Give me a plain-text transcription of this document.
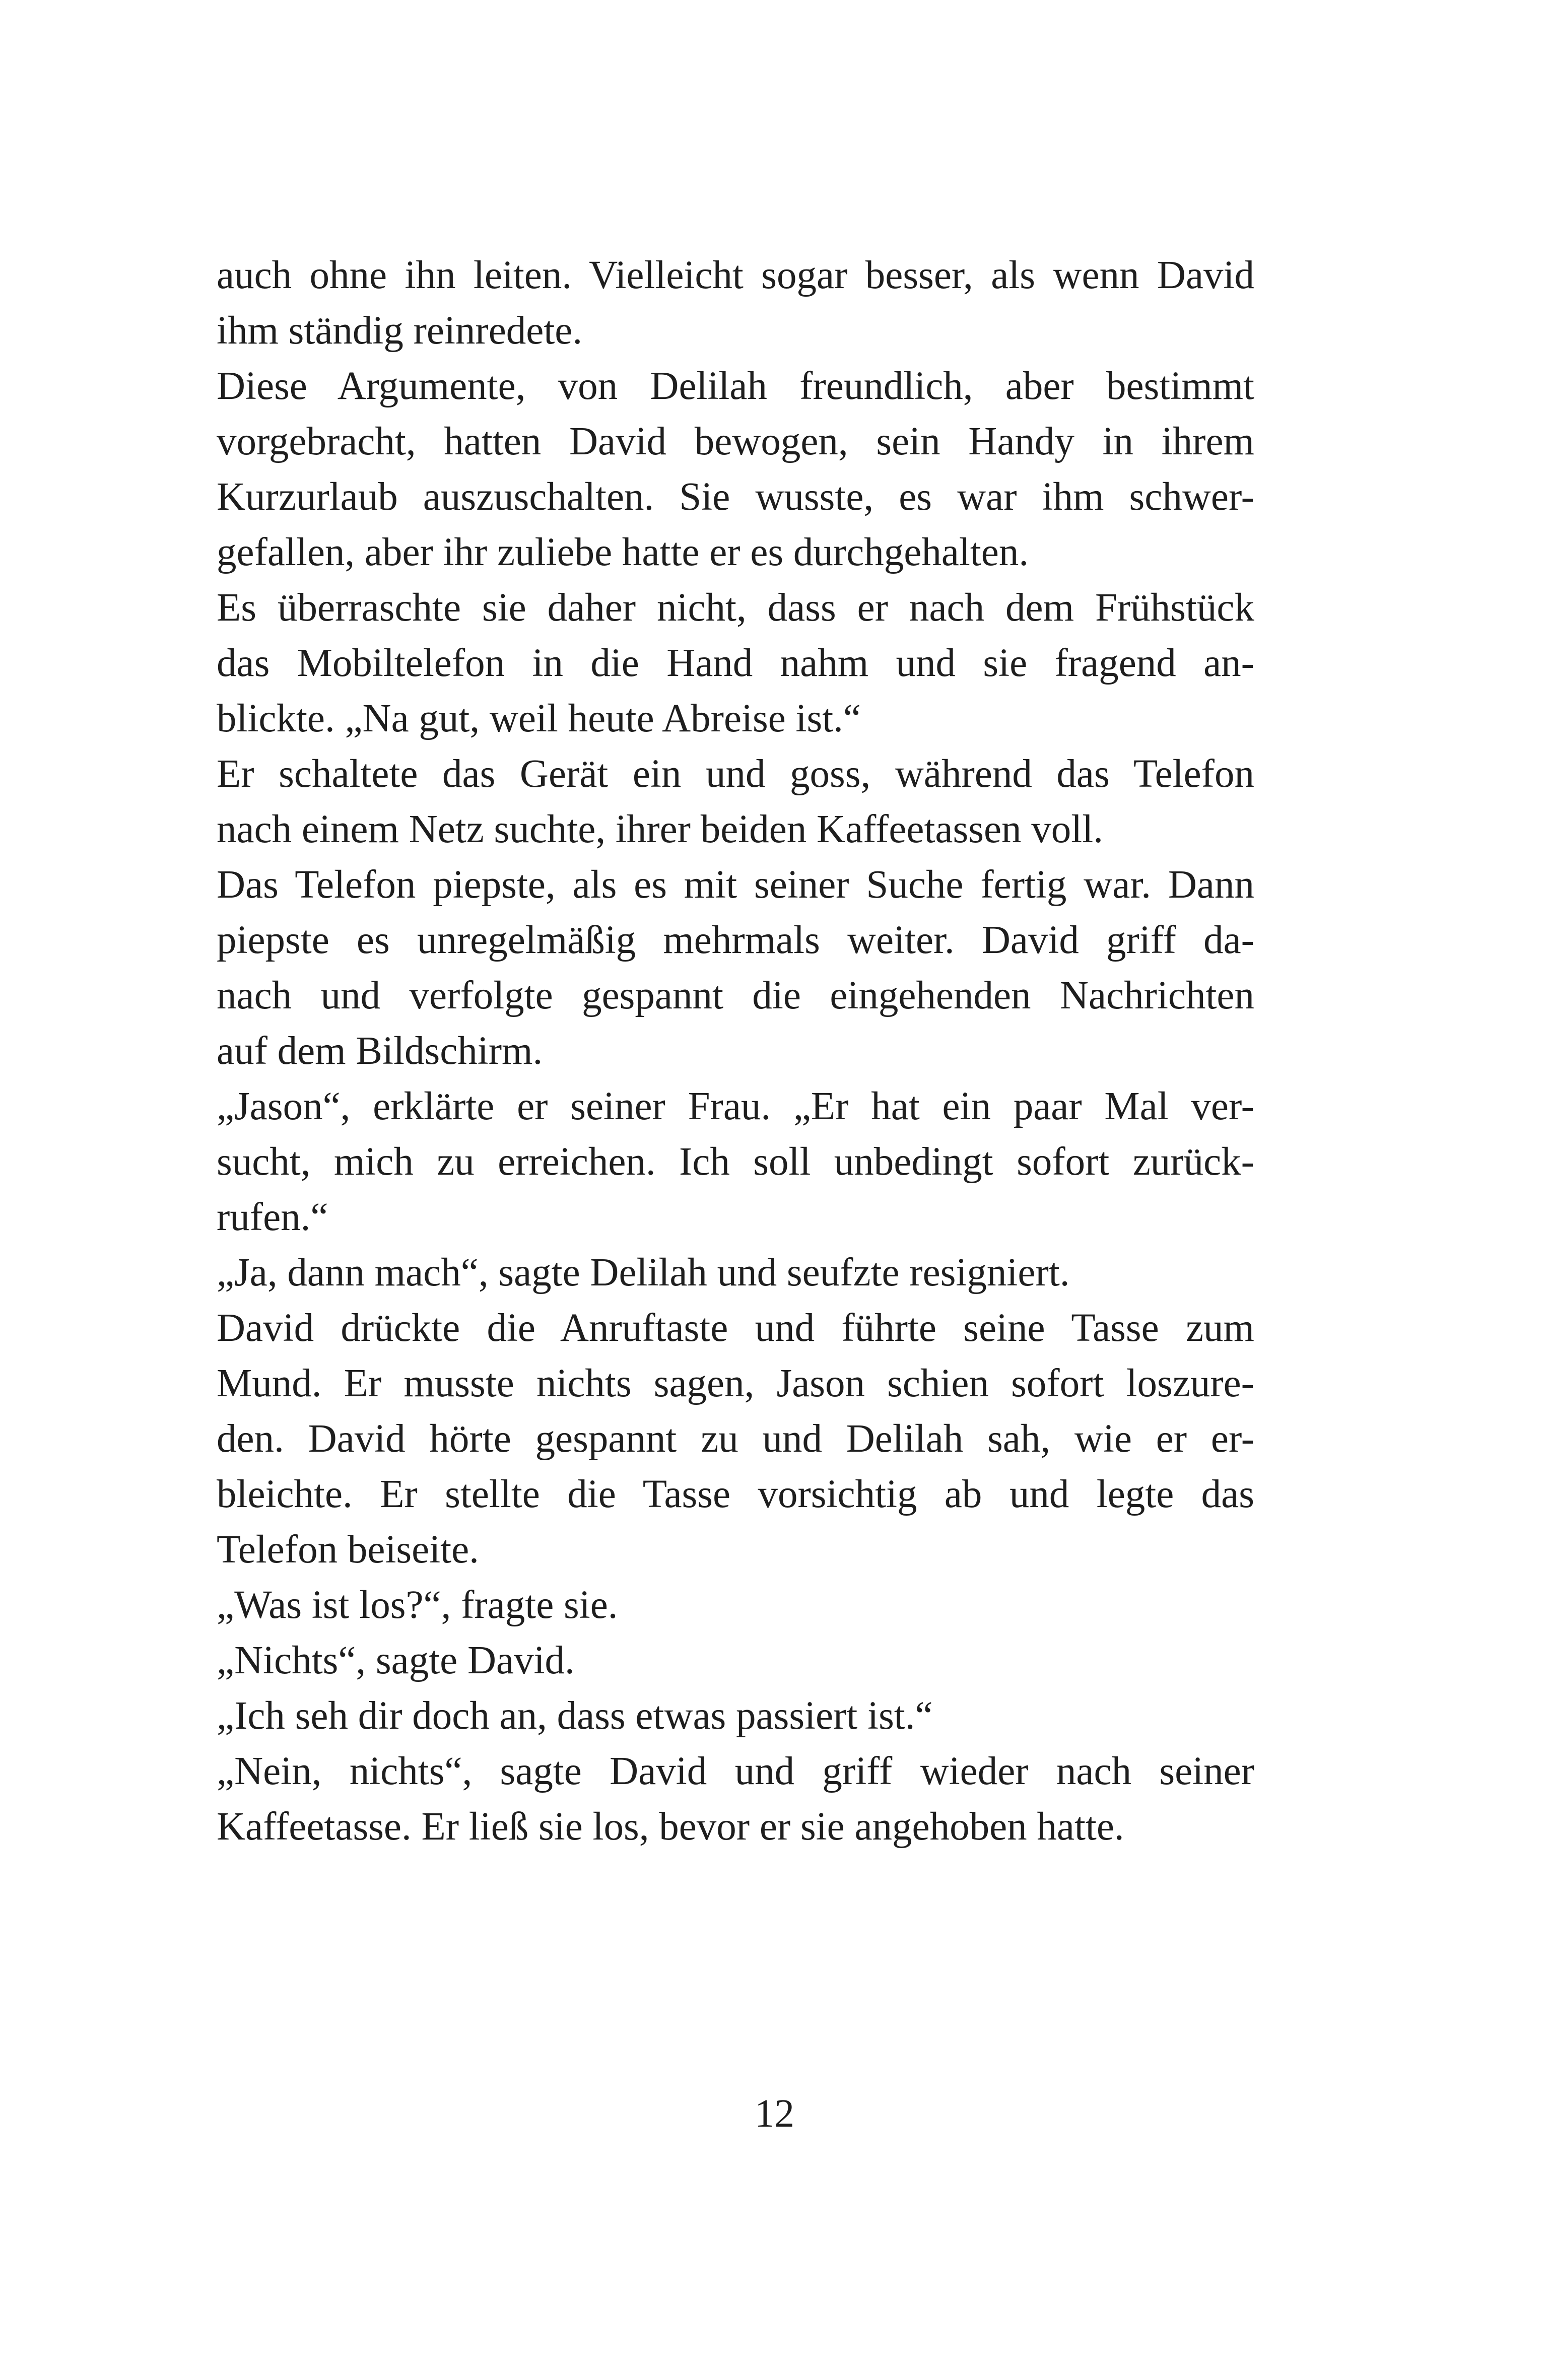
auch ohne ihn leiten. Vielleicht sogar besser, als wenn David
ihm ständig reinredete.
Diese Argumente, von Delilah freundlich, aber bestimmt
vorgebracht, hatten David bewogen, sein Handy in ihrem
Kurzurlaub auszuschalten. Sie wusste, es war ihm schwer-
gefallen, aber ihr zuliebe hatte er es durchgehalten.
Es überraschte sie daher nicht, dass er nach dem Frühstück
das Mobiltelefon in die Hand nahm und sie fragend an-
blickte. „Na gut, weil heute Abreise ist.“
Er schaltete das Gerät ein und goss, während das Telefon
nach einem Netz suchte, ihrer beiden Kaffeetassen voll.
Das Telefon piepste, als es mit seiner Suche fertig war. Dann
piepste es unregelmäßig mehrmals weiter. David griff da-
nach und verfolgte gespannt die eingehenden Nachrichten
auf dem Bildschirm.
„Jason“, erklärte er seiner Frau. „Er hat ein paar Mal ver-
sucht, mich zu erreichen. Ich soll unbedingt sofort zurück-
rufen.“
„Ja, dann mach“, sagte Delilah und seufzte resigniert.
David drückte die Anruftaste und führte seine Tasse zum
Mund. Er musste nichts sagen, Jason schien sofort loszure-
den. David hörte gespannt zu und Delilah sah, wie er er-
bleichte. Er stellte die Tasse vorsichtig ab und legte das
Telefon beiseite.
„Was ist los?“, fragte sie.
„Nichts“, sagte David.
„Ich seh dir doch an, dass etwas passiert ist.“
„Nein, nichts“, sagte David und griff wieder nach seiner
Kaffeetasse. Er ließ sie los, bevor er sie angehoben hatte.
12
